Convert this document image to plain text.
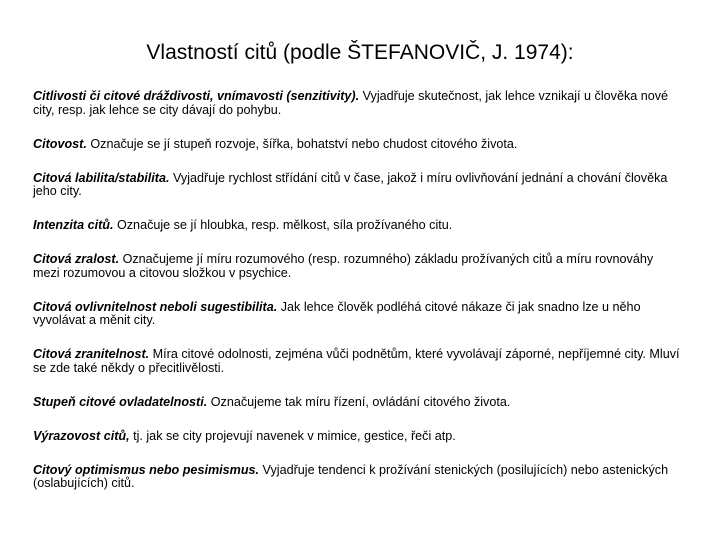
Vlastností citů (podle ŠTEFANOVIČ, J. 1974):

Citlivosti či citové dráždivosti, vnímavosti (senzitivity). Vyjadřuje skutečnost, jak lehce vznikají u člověka nové city, resp. jak lehce se city dávají do pohybu.

Citovost. Označuje se jí stupeň rozvoje, šířka, bohatství nebo chudost citového života.

Citová labilita/stabilita. Vyjadřuje rychlost střídání citů v čase, jakož i míru ovlivňování jednání a chování člověka jeho city.

Intenzita citů. Označuje se jí hloubka, resp. mělkost, síla prožívaného citu.

Citová zralost. Označujeme jí míru rozumového (resp. rozumného) základu prožívaných citů a míru rovnováhy mezi rozumovou a citovou složkou v psychice.

Citová ovlivnitelnost neboli sugestibilita. Jak lehce člověk podléhá citové nákaze či jak snadno lze u něho vyvolávat a měnit city.

Citová zranitelnost. Míra citové odolnosti, zejména vůči podnětům, které vyvolávají záporné, nepříjemné city. Mluví se zde také někdy o přecitlivělosti.

Stupeň citové ovladatelnosti. Označujeme tak míru řízení, ovládání citového života.

Výrazovost citů, tj. jak se city projevují navenek v mimice, gestice, řeči atp.

Citový optimismus nebo pesimismus. Vyjadřuje tendenci k prožívání stenických (posilujících) nebo astenických (oslabujících) citů.
